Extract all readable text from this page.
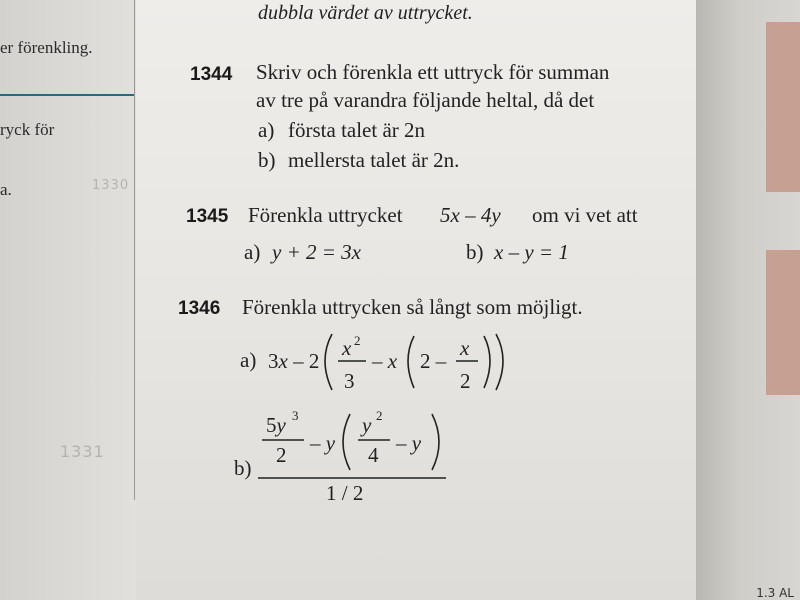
er förenkling.
ryck för
a.	1330
1331
1.3 AL
dubbla värdet av uttrycket.
1344 Skriv och förenkla ett uttryck för summan
av tre på varandra följande heltal, då det
a) första talet är 2n
b) mellersta talet är 2n.
1345 Förenkla uttrycket 5x – 4y om vi vet att
a) y + 2 = 3x	b) x – y = 1
1346 Förenkla uttrycken så långt som möjligt.
a)
b)
3x – 2
x 2
3
– x 2 –
x
2
5y 3
2 – y
y 2
4 – y
1 / 2
